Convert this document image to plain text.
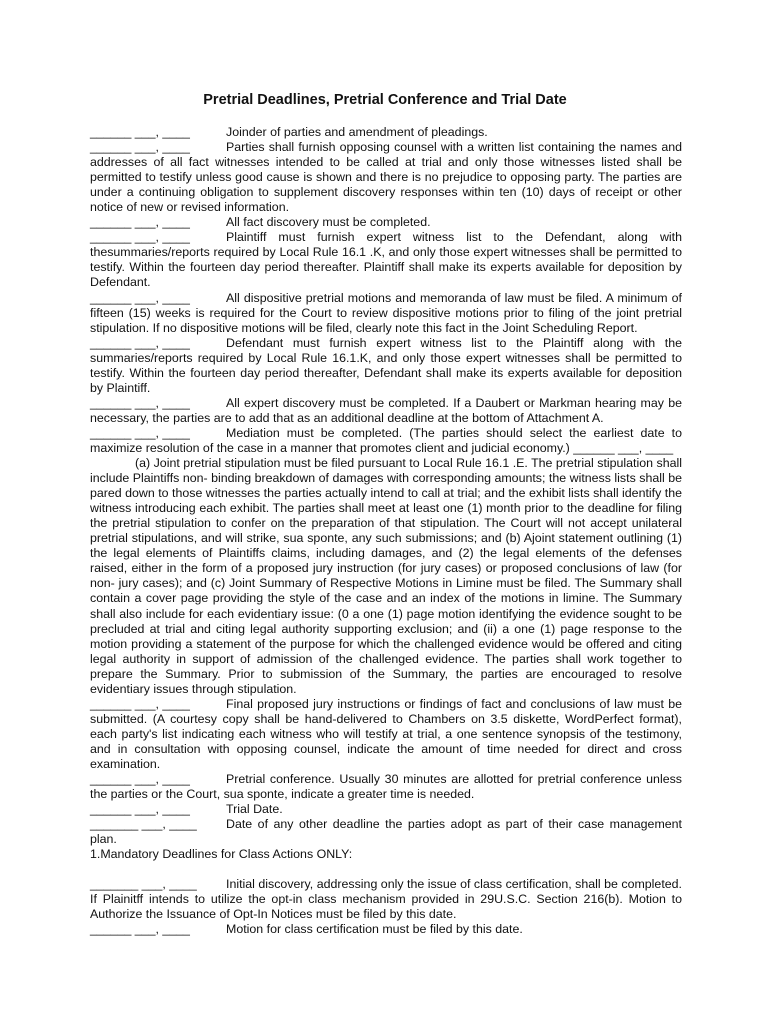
Pretrial Deadlines, Pretrial Conference and Trial Date
______ ___, ____	Joinder of parties and amendment of pleadings.
______ ___, ____	Parties shall furnish opposing counsel with a written list containing the names and addresses of all fact witnesses intended to be called at trial and only those witnesses listed shall be permitted to testify unless good cause is shown and there is no prejudice to opposing party. The parties are under a continuing obligation to supplement discovery responses within ten (10) days of receipt or other notice of new or revised information.
______ ___, ____	All fact discovery must be completed.
______ ___, ____	Plaintiff must furnish expert witness list to the Defendant, along with thesummaries/reports required by Local Rule 16.1 .K, and only those expert witnesses shall be permitted to testify. Within the fourteen day period thereafter. Plaintiff shall make its experts available for deposition by Defendant.
______ ___, ____	All dispositive pretrial motions and memoranda of law must be filed. A minimum of fifteen (15) weeks is required for the Court to review dispositive motions prior to filing of the joint pretrial stipulation. If no dispositive motions will be filed, clearly note this fact in the Joint Scheduling Report.
______ ___, ____	Defendant must furnish expert witness list to the Plaintiff along with the summaries/reports required by Local Rule 16.1.K, and only those expert witnesses shall be permitted to testify. Within the fourteen day period thereafter, Defendant shall make its experts available for deposition by Plaintiff.
______ ___, ____	All expert discovery must be completed. If a Daubert or Markman hearing may be necessary, the parties are to add that as an additional deadline at the bottom of Attachment A.
______ ___, ____	Mediation must be completed. (The parties should select the earliest date to maximize resolution of the case in a manner that promotes client and judicial economy.) ______ ___, ____
(a) Joint pretrial stipulation must be filed pursuant to Local Rule 16.1 .E. The pretrial stipulation shall include Plaintiffs non- binding breakdown of damages with corresponding amounts; the witness lists shall be pared down to those witnesses the parties actually intend to call at trial; and the exhibit lists shall identify the witness introducing each exhibit. The parties shall meet at least one (1) month prior to the deadline for filing the pretrial stipulation to confer on the preparation of that stipulation. The Court will not accept unilateral pretrial stipulations, and will strike, sua sponte, any such submissions; and (b) Ajoint statement outlining (1) the legal elements of Plaintiffs claims, including damages, and (2) the legal elements of the defenses raised, either in the form of a proposed jury instruction (for jury cases) or proposed conclusions of law (for non- jury cases); and (c) Joint Summary of Respective Motions in Limine must be filed. The Summary shall contain a cover page providing the style of the case and an index of the motions in limine. The Summary shall also include for each evidentiary issue: (0 a one (1) page motion identifying the evidence sought to be precluded at trial and citing legal authority supporting exclusion; and (ii) a one (1) page response to the motion providing a statement of the purpose for which the challenged evidence would be offered and citing legal authority in support of admission of the challenged evidence. The parties shall work together to prepare the Summary. Prior to submission of the Summary, the parties are encouraged to resolve evidentiary issues through stipulation.
______ ___, ____	Final proposed jury instructions or findings of fact and conclusions of law must be submitted. (A courtesy copy shall be hand-delivered to Chambers on 3.5 diskette, WordPerfect format), each party's list indicating each witness who will testify at trial, a one sentence synopsis of the testimony, and in consultation with opposing counsel, indicate the amount of time needed for direct and cross examination.
______ ___, ____	Pretrial conference. Usually 30 minutes are allotted for pretrial conference unless the parties or the Court, sua sponte, indicate a greater time is needed.
______ ___, ____	Trial Date.
_______ ___, ____ Date of any other deadline the parties adopt as part of their case management plan.
1.Mandatory Deadlines for Class Actions ONLY:
_______ ___, ____ Initial discovery, addressing only the issue of class certification, shall be completed. If Plainitff intends to utilize the opt-in class mechanism provided in 29U.S.C. Section 216(b). Motion to Authorize the Issuance of Opt-In Notices must be filed by this date.
______ ___, ____	Motion for class certification must be filed by this date.
